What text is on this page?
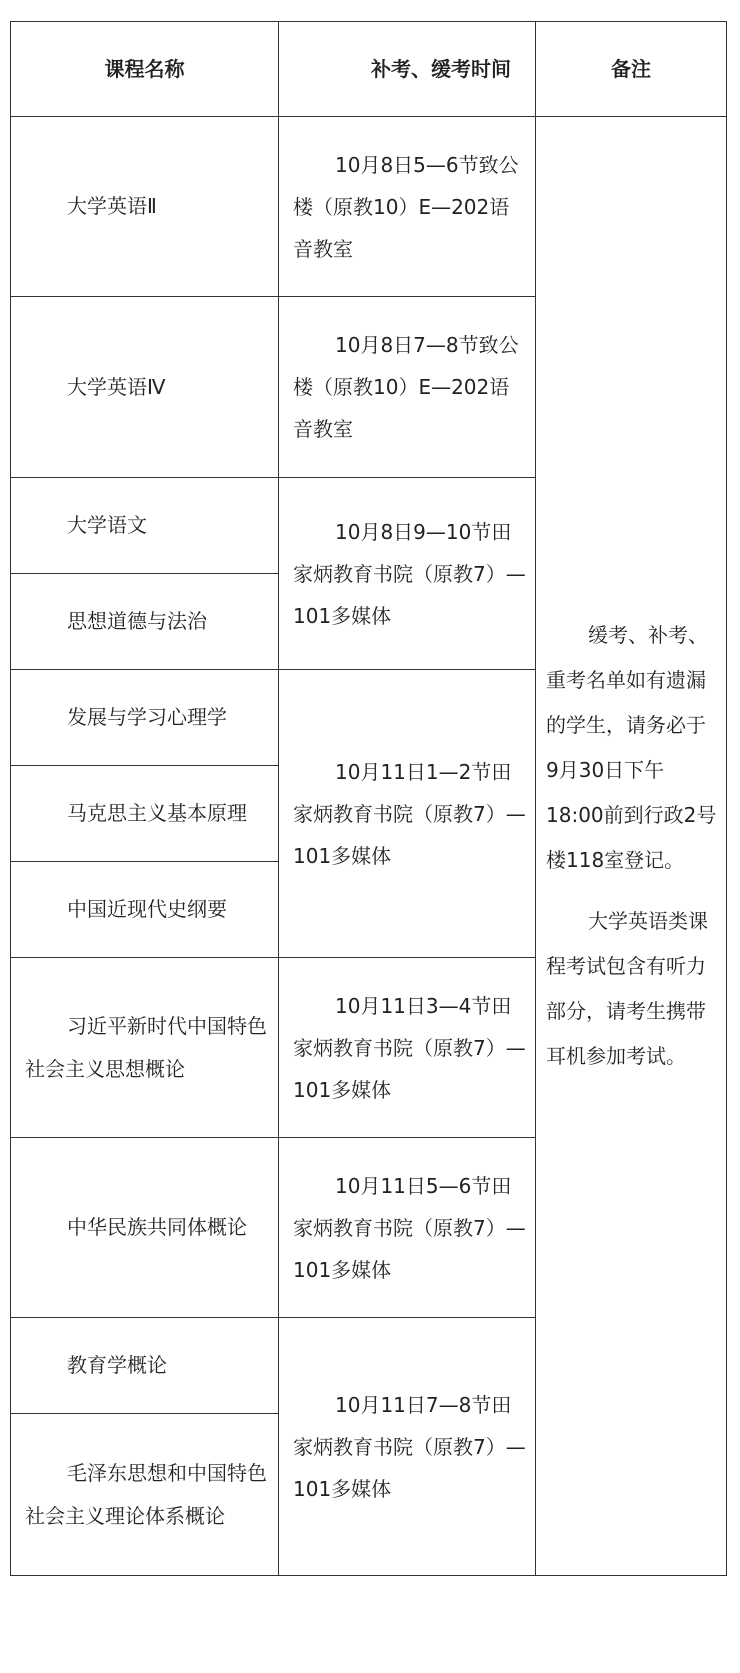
课程名称	补考、缓考时间	备注

大学英语Ⅱ	10月8日5—6节致公楼（原教10）E—202语音教室	缓考、补考、重考名单如有遗漏的学生，请务必于9月30日下午18:00前到行政2号楼118室登记。

大学英语类课程考试包含有听力部分，请考生携带耳机参加考试。

大学英语Ⅳ	10月8日7—8节致公楼（原教10）E—202语音教室	

大学语文	10月8日9—10节田家炳教育书院（原教7）—101多媒体	

思想道德与法治		

发展与学习心理学	10月11日1—2节田家炳教育书院（原教7）—101多媒体	

马克思主义基本原理		

中国近现代史纲要		

习近平新时代中国特色社会主义思想概论	10月11日3—4节田家炳教育书院（原教7）—101多媒体	

中华民族共同体概论	10月11日5—6节田家炳教育书院（原教7）—101多媒体	

教育学概论	10月11日7—8节田家炳教育书院（原教7）—101多媒体	

毛泽东思想和中国特色社会主义理论体系概论		
